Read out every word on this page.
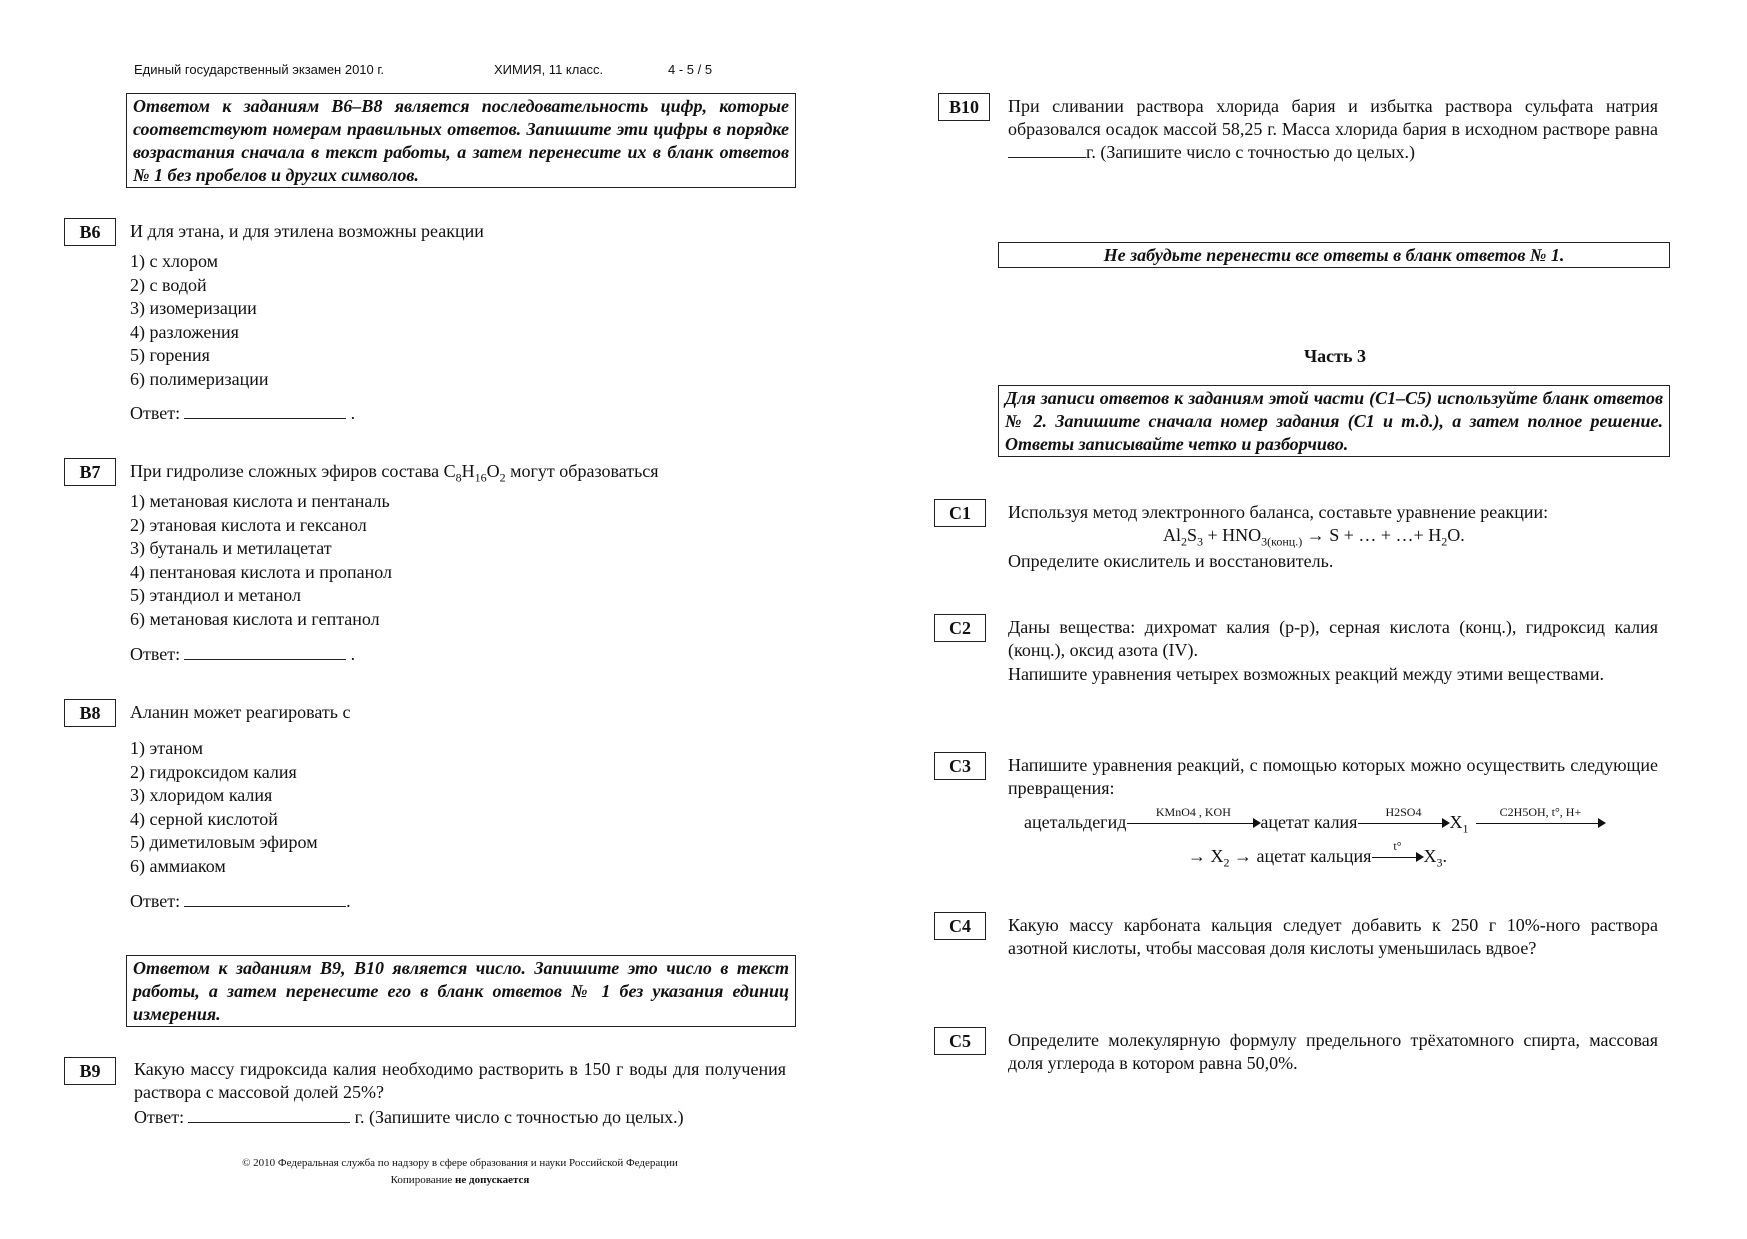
Единый государственный экзамен 2010 г.	ХИМИЯ, 11 класс.	4 - 5 / 5
Ответом к заданиям В6–В8 является последовательность цифр, которые соответствуют номерам правильных ответов. Запишите эти цифры в порядке возрастания сначала в текст работы, а затем перенесите их в бланк ответов № 1 без пробелов и других символов.
B6	И для этана, и для этилена возможны реакции
1) с хлором
2) с водой
3) изомеризации
4) разложения
5) горения
6) полимеризации
Ответ:	.
B7	При гидролизе сложных эфиров состава $C_8H_{16}O_2$ могут образоваться
1) метановая кислота и пентаналь
2) этановая кислота и гексанол
3) бутаналь и метилацетат
4) пентановая кислота и пропанол
5) этандиол и метанол
6) метановая кислота и гептанол
Ответ:	.
B8	Аланин может реагировать с
1) этаном
2) гидроксидом калия
3) хлоридом калия
4) серной кислотой
5) диметиловым эфиром
6) аммиаком
Ответ:	.
Ответом к заданиям В9, В10 является число. Запишите это число в текст работы, а затем перенесите его в бланк ответов № 1 без указания единиц измерения.
B9	Какую массу гидроксида калия необходимо растворить в 150 г воды для получения раствора с массовой долей 25%?
Ответ:	г. (Запишите число с точностью до целых.)
© 2010 Федеральная служба по надзору в сфере образования и науки Российской Федерации
Копирование не допускается
B10	При сливании раствора хлорида бария и избытка раствора сульфата натрия образовался осадок массой 58,25 г. Масса хлорида бария в исходном растворе равна г. (Запишите число с точностью до целых.)
Не забудьте перенести все ответы в бланк ответов № 1.
Часть 3
Для записи ответов к заданиям этой части (С1–С5) используйте бланк ответов № 2. Запишите сначала номер задания (С1 и т.д.), а затем полное решение. Ответы записывайте четко и разборчиво.
C1	Используя метод электронного баланса, составьте уравнение реакции:
$Al_2S_3 + HNO_{3(конц.)} \to S$ + … + …+ $H_2O$.
Определите окислитель и восстановитель.
C2	Даны вещества: дихромат калия (р-р), серная кислота (конц.), гидроксид калия (конц.), оксид азота (IV).
Напишите уравнения четырех возможных реакций между этими веществами.
C3	Напишите уравнения реакций, с помощью которых можно осуществить следующие превращения:
ацетальдегид	KMnO4 , KOH	ацетат калия	H2SO4	$X_1$
C2H5OH, t°, H+
→ $X_2$ → ацетат кальция	t°	$X_3$.
C4	Какую массу карбоната кальция следует добавить к 250 г 10%-ного раствора азотной кислоты, чтобы массовая доля кислоты уменьшилась вдвое?
C5	Определите молекулярную формулу предельного трёхатомного спирта, массовая доля углерода в котором равна 50,0%.
